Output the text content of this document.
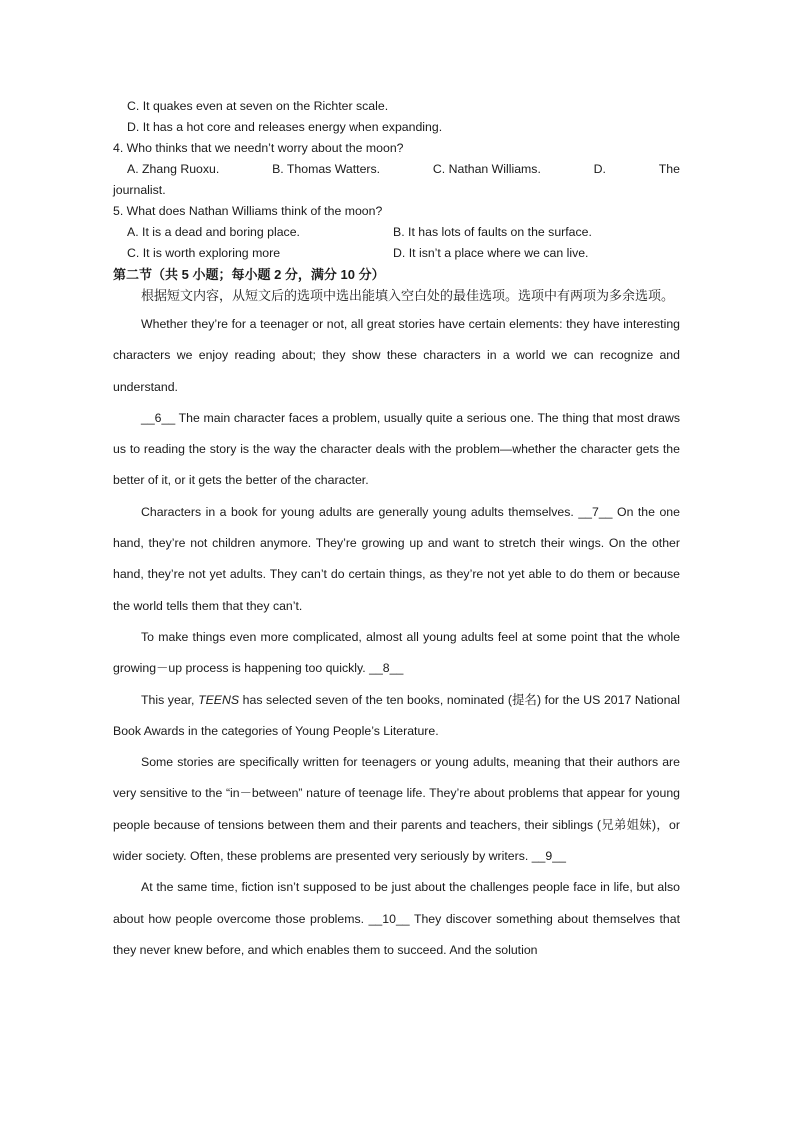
C. It quakes even at seven on the Richter scale.
D. It has a hot core and releases energy when expanding.
4. Who thinks that we needn’t worry about the moon?
A. Zhang Ruoxu.	B. Thomas Watters.	C. Nathan Williams.	D.	The
journalist.
5. What does Nathan Williams think of the moon?
A. It is a dead and boring place.	B. It has lots of faults on the surface.
C. It is worth exploring more	D. It isn’t a place where we can live.
第二节（共 5 小题；每小题 2 分，满分 10 分）

根据短文内容，从短文后的选项中选出能填入空白处的最佳选项。选项中有两项为多余选项。

Whether they’re for a teenager or not, all great stories have certain elements: they have interesting characters we enjoy reading about; they show these characters in a world we can recognize and understand.

__6__ The main character faces a problem, usually quite a serious one. The thing that most draws us to reading the story is the way the character deals with the problem—whether the character gets the better of it, or it gets the better of the character.

Characters in a book for young adults are generally young adults themselves. __7__ On the one hand, they’re not children anymore. They’re growing up and want to stretch their wings. On the other hand, they’re not yet adults. They can’t do certain things, as they’re not yet able to do them or because the world tells them that they can’t.

To make things even more complicated, almost all young adults feel at some point that the whole growing－up process is happening too quickly. __8__

This year, TEENS has selected seven of the ten books, nominated (提名) for the US 2017 National Book Awards in the categories of Young People’s Literature.

Some stories are specifically written for teenagers or young adults, meaning that their authors are very sensitive to the “in－between” nature of teenage life. They’re about problems that appear for young people because of tensions between them and their parents and teachers, their siblings (兄弟姐妹)，or wider society. Often, these problems are presented very seriously by writers. __9__

At the same time, fiction isn’t supposed to be just about the challenges people face in life, but also about how people overcome those problems. __10__ They discover something about themselves that they never knew before, and which enables them to succeed. And the solution
